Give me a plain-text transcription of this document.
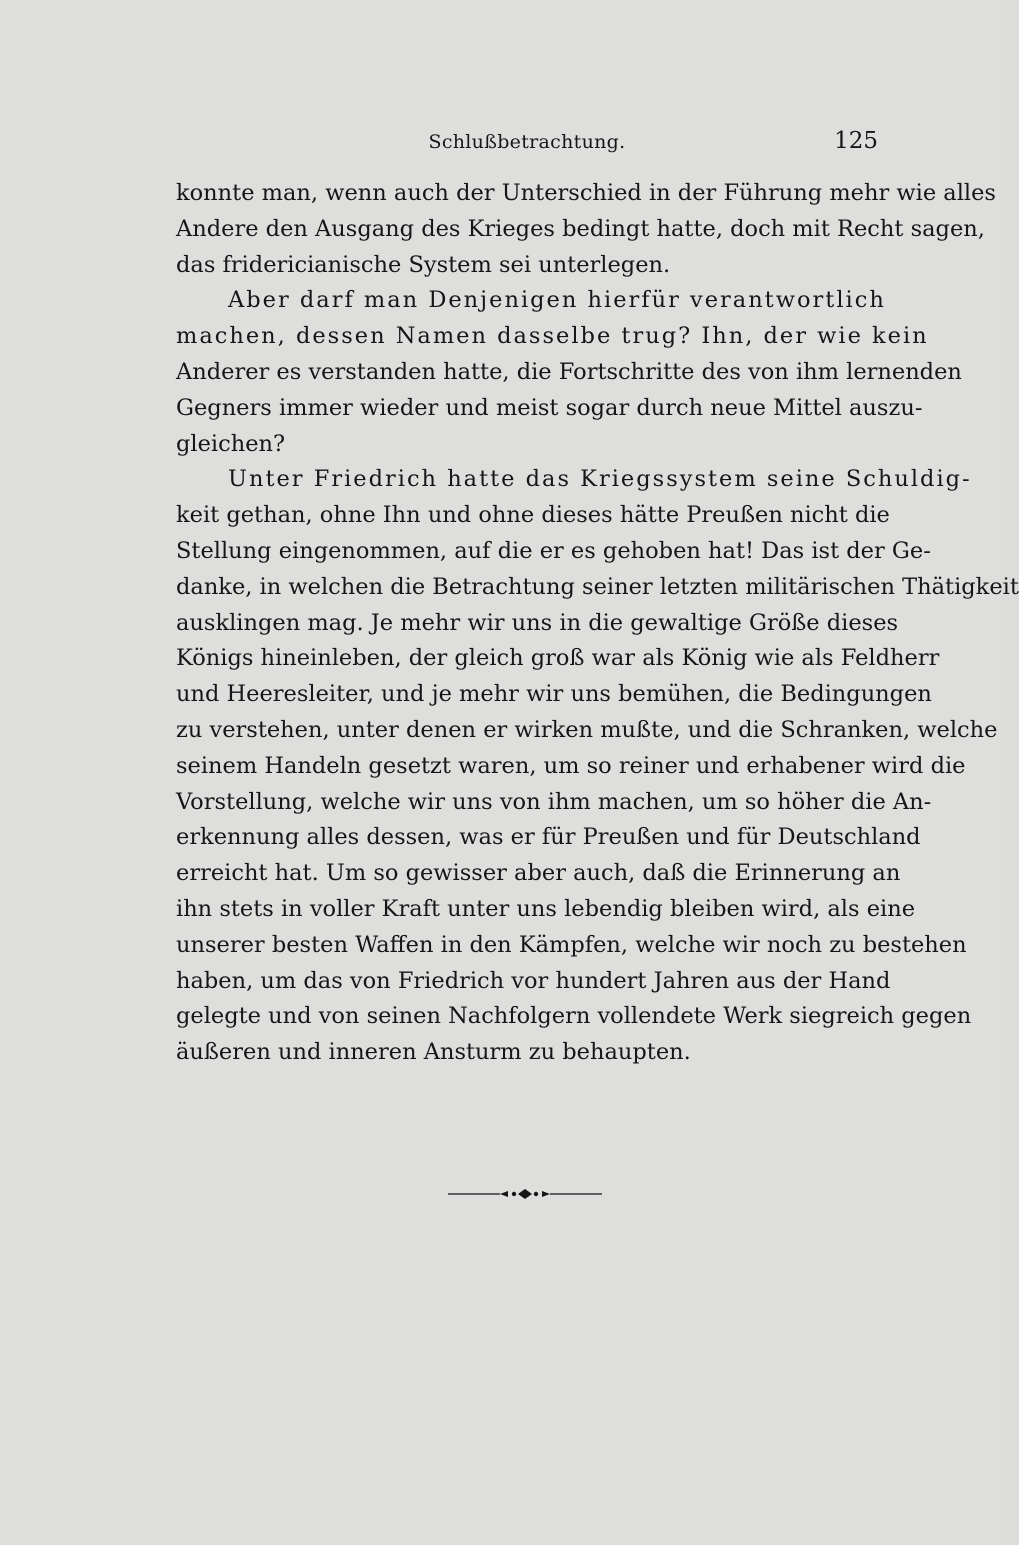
Schlußbetrachtung.	125
konnte man, wenn auch der Unterschied in der Führung mehr wie alles
Andere den Ausgang des Krieges bedingt hatte, doch mit Recht sagen,
das fridericianische System sei unterlegen.
Aber darf man Denjenigen hierfür verantwortlich
machen, dessen Namen dasselbe trug? Ihn, der wie kein
Anderer es verstanden hatte, die Fortschritte des von ihm lernenden
Gegners immer wieder und meist sogar durch neue Mittel auszu-
gleichen?
Unter Friedrich hatte das Kriegssystem seine Schuldig-
keit gethan, ohne Ihn und ohne dieses hätte Preußen nicht die
Stellung eingenommen, auf die er es gehoben hat! Das ist der Ge-
danke, in welchen die Betrachtung seiner letzten militärischen Thätigkeit
ausklingen mag. Je mehr wir uns in die gewaltige Größe dieses
Königs hineinleben, der gleich groß war als König wie als Feldherr
und Heeresleiter, und je mehr wir uns bemühen, die Bedingungen
zu verstehen, unter denen er wirken mußte, und die Schranken, welche
seinem Handeln gesetzt waren, um so reiner und erhabener wird die
Vorstellung, welche wir uns von ihm machen, um so höher die An-
erkennung alles dessen, was er für Preußen und für Deutschland
erreicht hat. Um so gewisser aber auch, daß die Erinnerung an
ihn stets in voller Kraft unter uns lebendig bleiben wird, als eine
unserer besten Waffen in den Kämpfen, welche wir noch zu bestehen
haben, um das von Friedrich vor hundert Jahren aus der Hand
gelegte und von seinen Nachfolgern vollendete Werk siegreich gegen
äußeren und inneren Ansturm zu behaupten.
